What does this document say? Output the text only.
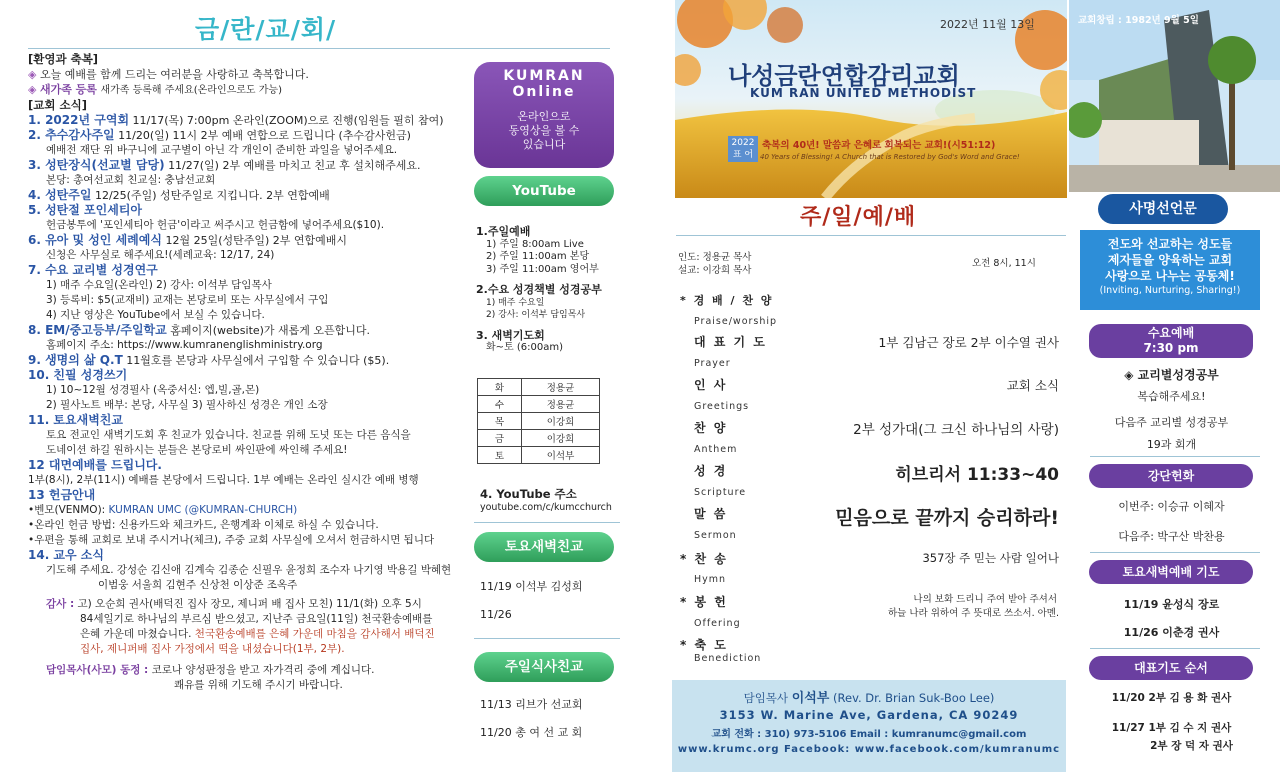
금/란/교/회/
[환영과 축복]
◈ 오늘 예배를 함께 드리는 여러분을 사랑하고 축복합니다.
◈ 새가족 등록 새가족 등록해 주세요(온라인으로도 가능)
[교회 소식]
1. 2022년 구역회 11/17(목) 7:00pm 온라인(ZOOM)으로 진행(임원들 필히 참여)
2. 추수감사주일 11/20(일) 11시 2부 예배 연합으로 드립니다 (추수감사헌금)
예배전 재단 위 바구니에 교구별이 아닌 각 개인이 준비한 과일을 넣어주세요.
3. 성탄장식(선교별 담당) 11/27(일) 2부 예배를 마치고 친교 후 설치해주세요.
본당: 총여선교회 친교실: 충남선교회
4. 성탄주일 12/25(주일) 성탄주일로 지킵니다. 2부 연합예배
5. 성탄절 포인세티아
헌금봉투에 '포인세티아 헌금'이라고 써주시고 헌금함에 넣어주세요($10).
6. 유아 및 성인 세례예식 12월 25일(성탄주일) 2부 연합예배시
신청은 사무실로 해주세요!(세례교육: 12/17, 24)
7. 수요 교리별 성경연구
1) 매주 수요일(온라인) 2) 강사: 이석부 담임목사
3) 등록비: $5(교재비) 교재는 본당로비 또는 사무실에서 구입
4) 지난 영상은 YouTube에서 보실 수 있습니다.
8. EM/중고등부/주일학교 홈페이지(website)가 새롭게 오픈합니다.
홈페이지 주소: https://www.kumranenglishministry.org
9. 생명의 삶 Q.T 11월호를 본당과 사무실에서 구입할 수 있습니다 ($5).
10. 친필 성경쓰기
1) 10~12월 성경필사 (옥중서신: 엡,빌,골,몬)
2) 필사노트 배부: 본당, 사무실 3) 필사하신 성경은 개인 소장
11. 토요새벽친교
토요 전교인 새벽기도회 후 친교가 있습니다. 친교를 위해 도넛 또는 다른 음식을
도네이션 하길 원하시는 분들은 본당로비 싸인판에 싸인해 주세요!
12 대면예배를 드립니다.
1부(8시), 2부(11시) 예배를 본당에서 드립니다. 1부 예배는 온라인 실시간 예배 병행
13 헌금안내
•벤모(VENMO): KUMRAN UMC (@KUMRAN-CHURCH)
•온라인 헌금 방법: 신용카드와 체크카드, 은행계좌 이체로 하실 수 있습니다.
•우편을 통해 교회로 보내 주시거나(체크), 주중 교회 사무실에 오셔서 헌금하시면 됩니다
14. 교우 소식
기도해 주세요. 강성순 김신애 김계숙 김종순 신필우 윤정희 조수자 나기영 박용길 박혜현
이범웅 서울희 김현주 신상천 이상준 조옥주
감사 : 고) 오순희 권사(배덕진 집사 장모, 제니퍼 배 집사 모친) 11/1(화) 오후 5시
84세일기로 하나님의 부르심 받으셨고, 지난주 금요일(11일) 천국환송예배를
은혜 가운데 마쳤습니다. 천국환송예배를 은혜 가운데 마침을 감사해서 배덕진
집사, 제니퍼배 집사 가정에서 떡을 내셨습니다(1부, 2부).
담임목사(사모) 동정 : 코로나 양성판정을 받고 자가격리 중에 계십니다.
쾌유를 위해 기도해 주시기 바랍니다.
KUMRAN
Online
온라인으로
동영상을 볼 수
있습니다
YouTube
1.주일예배
1) 주일 8:00am Live
2) 주일 11:00am 본당
3) 주일 11:00am 영어부
2.수요 성경책별 성경공부
1) 매주 수요일
2) 강사: 이석부 담임목사
3. 새벽기도회
화~토 (6:00am)
화	정용균
수	정용균
목	이강희
금	이강희
토	이석부
4. YouTube 주소
youtube.com/c/kumcchurch
토요새벽친교
11/19 이석부 김성희
11/26
주일식사친교
11/13 리브가 선교회
11/20 총 여 선 교 회
2022년 11월 13일
나성금란연합감리교회
KUM RAN UNITED METHODIST
2022
표 어
축복의 40년! 말씀과 은혜로 회복되는 교회!(시51:12)
40 Years of Blessing! A Church that is Restored by God's Word and Grace!
교회창립 : 1982년 9월 5일
주/일/예/배
인도: 정용균 목사
설교: 이강희 목사
오전 8시, 11시
* 경 배 / 찬 양
Praise/worship
대 표 기 도	1부 김남근 장로 2부 이수열 권사
Prayer
인 사	교회 소식
Greetings
찬 양	2부 성가대(그 크신 하나님의 사랑)
Anthem
성 경	히브리서 11:33~40
Scripture
말 씀	믿음으로 끝까지 승리하라!
Sermon
* 찬 송	357장 주 믿는 사람 일어나
Hymn
* 봉 헌	나의 보화 드리니 주여 받아 주셔서
하늘 나라 위하여 주 뜻대로 쓰소서. 아멘.
Offering
* 축 도
Benediction
담임목사 이석부 (Rev. Dr. Brian Suk-Boo Lee)
3153 W. Marine Ave, Gardena, CA 90249
교회 전화 : 310) 973-5106 Email : kumranumc@gmail.com
www.krumc.org Facebook: www.facebook.com/kumranumc
사명선언문
전도와 선교하는 성도들
제자들을 양육하는 교회
사랑으로 나누는 공동체!
(Inviting, Nurturing, Sharing!)
수요예배
7:30 pm
◈ 교리별성경공부
복습해주세요!
다음주 교리별 성경공부
19과 회개
강단헌화
이번주: 이승규 이혜자
다음주: 박구산 박찬용
토요새벽예배 기도
11/19 윤성식 장로
11/26 이춘경 권사
대표기도 순서
11/20 2부 김 용 화 권사
11/27 1부 김 수 지 권사
2부 장 덕 자 권사
